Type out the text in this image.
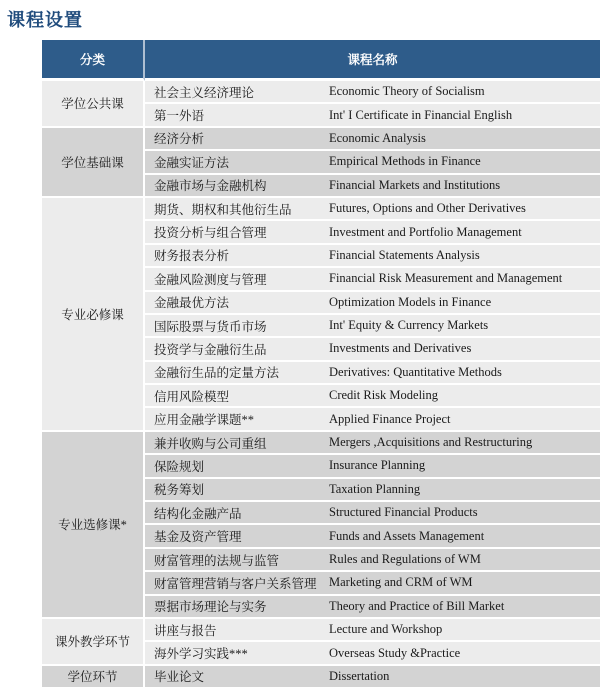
课程设置
分类	课程名称	
学位公共课	社会主义经济理论	Economic Theory of Socialism
	第一外语	Int' I Certificate in Financial English
学位基础课	经济分析	Economic Analysis
	金融实证方法	Empirical Methods in Finance
	金融市场与金融机构	Financial Markets and Institutions
专业必修课	期货、期权和其他衍生品	Futures, Options and Other Derivatives
	投资分析与组合管理	Investment and Portfolio Management
	财务报表分析	Financial Statements Analysis
	金融风险测度与管理	Financial Risk Measurement and Management
	金融最优方法	Optimization Models in Finance
	国际股票与货币市场	Int' Equity & Currency Markets
	投资学与金融衍生品	Investments and Derivatives
	金融衍生品的定量方法	Derivatives: Quantitative Methods
	信用风险模型	Credit Risk Modeling
	应用金融学课题**	Applied Finance Project
专业选修课*	兼并收购与公司重组	Mergers ,Acquisitions and Restructuring
	保险规划	Insurance Planning
	税务筹划	Taxation Planning
	结构化金融产品	Structured Financial Products
	基金及资产管理	Funds and Assets Management
	财富管理的法规与监管	Rules and Regulations of WM
	财富管理营销与客户关系管理	Marketing and CRM of WM
	票据市场理论与实务	Theory and Practice of Bill Market
课外教学环节	讲座与报告	Lecture and Workshop
	海外学习实践***	Overseas Study &Practice
学位环节	毕业论文	Dissertation
